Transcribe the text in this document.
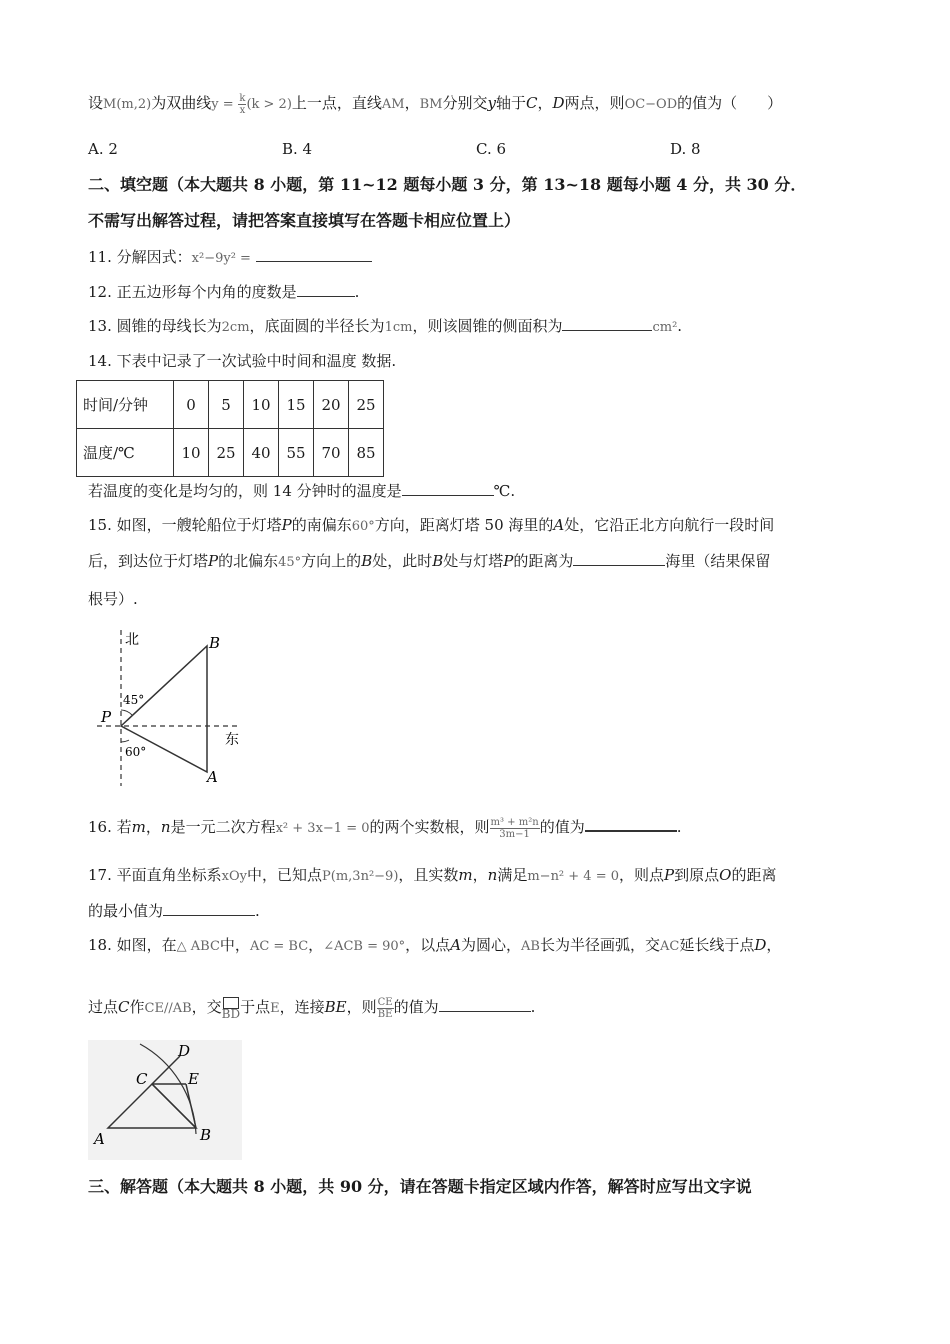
设M(m,2)为双曲线$y = \frac{k}{x} (k > 2)$上一点，直线AM，BM分别交y轴于C，D两点，则OC−OD的值为（　　）
A. 2	B. 4	C. 6	D. 8
二、填空题（本大题共 8 小题，第 11~12 题每小题 3 分，第 13~18 题每小题 4 分，共 30 分．
不需写出解答过程，请把答案直接填写在答题卡相应位置上）
11. 分解因式：x²−9y² =
12. 正五边形每个内角的度数是	.
13. 圆锥的母线长为2cm，底面圆的半径长为1cm，则该圆锥的侧面积为	cm².
14. 下表中记录了一次试验中时间和温度 数据.
时间/分钟	0	5	10	15	20	25
温度/℃	10	25	40	55	70	85
若温度的变化是均匀的，则 14 分钟时的温度是	℃.
15. 如图，一艘轮船位于灯塔P的南偏东60°方向，距离灯塔 50 海里的A处，它沿正北方向航行一段时间
后，到达位于灯塔P的北偏东45°方向上的B处，此时B处与灯塔P的距离为	海里（结果保留
根号）.
北
东
B
P
A
45°
60°
16. 若m，n是一元二次方程x² + 3x−1 = 0的两个实数根，则 $\frac{\text{m³ + m²n}}{3m-1}$ 的值为	.
17. 平面直角坐标系xOy中，已知点P(m,3n²−9)，且实数m，n满足m−n² + 4 = 0，则点P到原点O的距离
的最小值为	.
18. 如图，在△ ABC中，AC = BC，∠ACB = 90°，以点A为圆心，AB长为半径画弧，交AC延长线于点D，
过点C作CE//AB，交 BD 于点E，连接BE，则 $\frac{CE}{BE}$ 的值为	.
D
C	E
A	B
三、解答题（本大题共 8 小题，共 90 分，请在答题卡指定区域内作答，解答时应写出文字说
